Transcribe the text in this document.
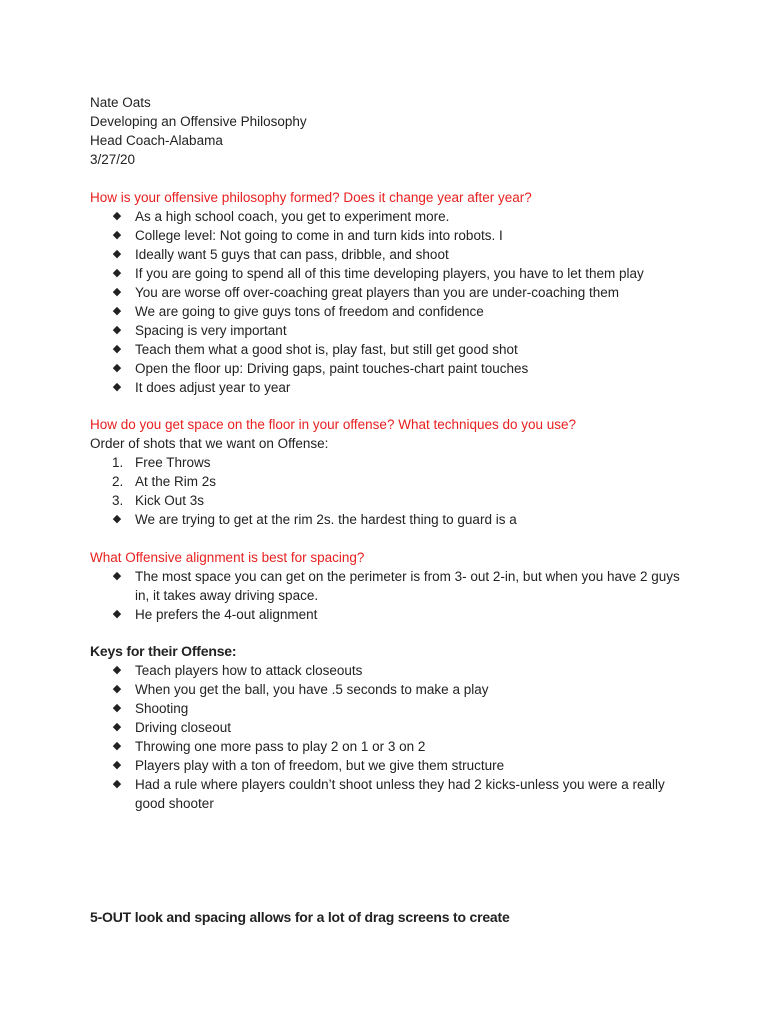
Nate Oats
Developing an Offensive Philosophy
Head Coach-Alabama
3/27/20
How is your offensive philosophy formed? Does it change year after year?
◆ As a high school coach, you get to experiment more.
◆ College level: Not going to come in and turn kids into robots. I
◆ Ideally want 5 guys that can pass, dribble, and shoot
◆ If you are going to spend all of this time developing players, you have to let them play
◆ You are worse off over-coaching great players than you are under-coaching them
◆ We are going to give guys tons of freedom and confidence
◆ Spacing is very important
◆ Teach them what a good shot is, play fast, but still get good shot
◆ Open the floor up: Driving gaps, paint touches-chart paint touches
◆ It does adjust year to year
How do you get space on the floor in your offense? What techniques do you use?
Order of shots that we want on Offense:
1. Free Throws
2. At the Rim 2s
3. Kick Out 3s
◆ We are trying to get at the rim 2s. the hardest thing to guard is a
What Offensive alignment is best for spacing?
◆ The most space you can get on the perimeter is from 3- out 2-in, but when you have 2 guys in, it takes away driving space.
◆ He prefers the 4-out alignment
Keys for their Offense:
◆ Teach players how to attack closeouts
◆ When you get the ball, you have .5 seconds to make a play
◆ Shooting
◆ Driving closeout
◆ Throwing one more pass to play 2 on 1 or 3 on 2
◆ Players play with a ton of freedom, but we give them structure
◆ Had a rule where players couldn’t shoot unless they had 2 kicks-unless you were a really good shooter
5-OUT look and spacing allows for a lot of drag screens to create
